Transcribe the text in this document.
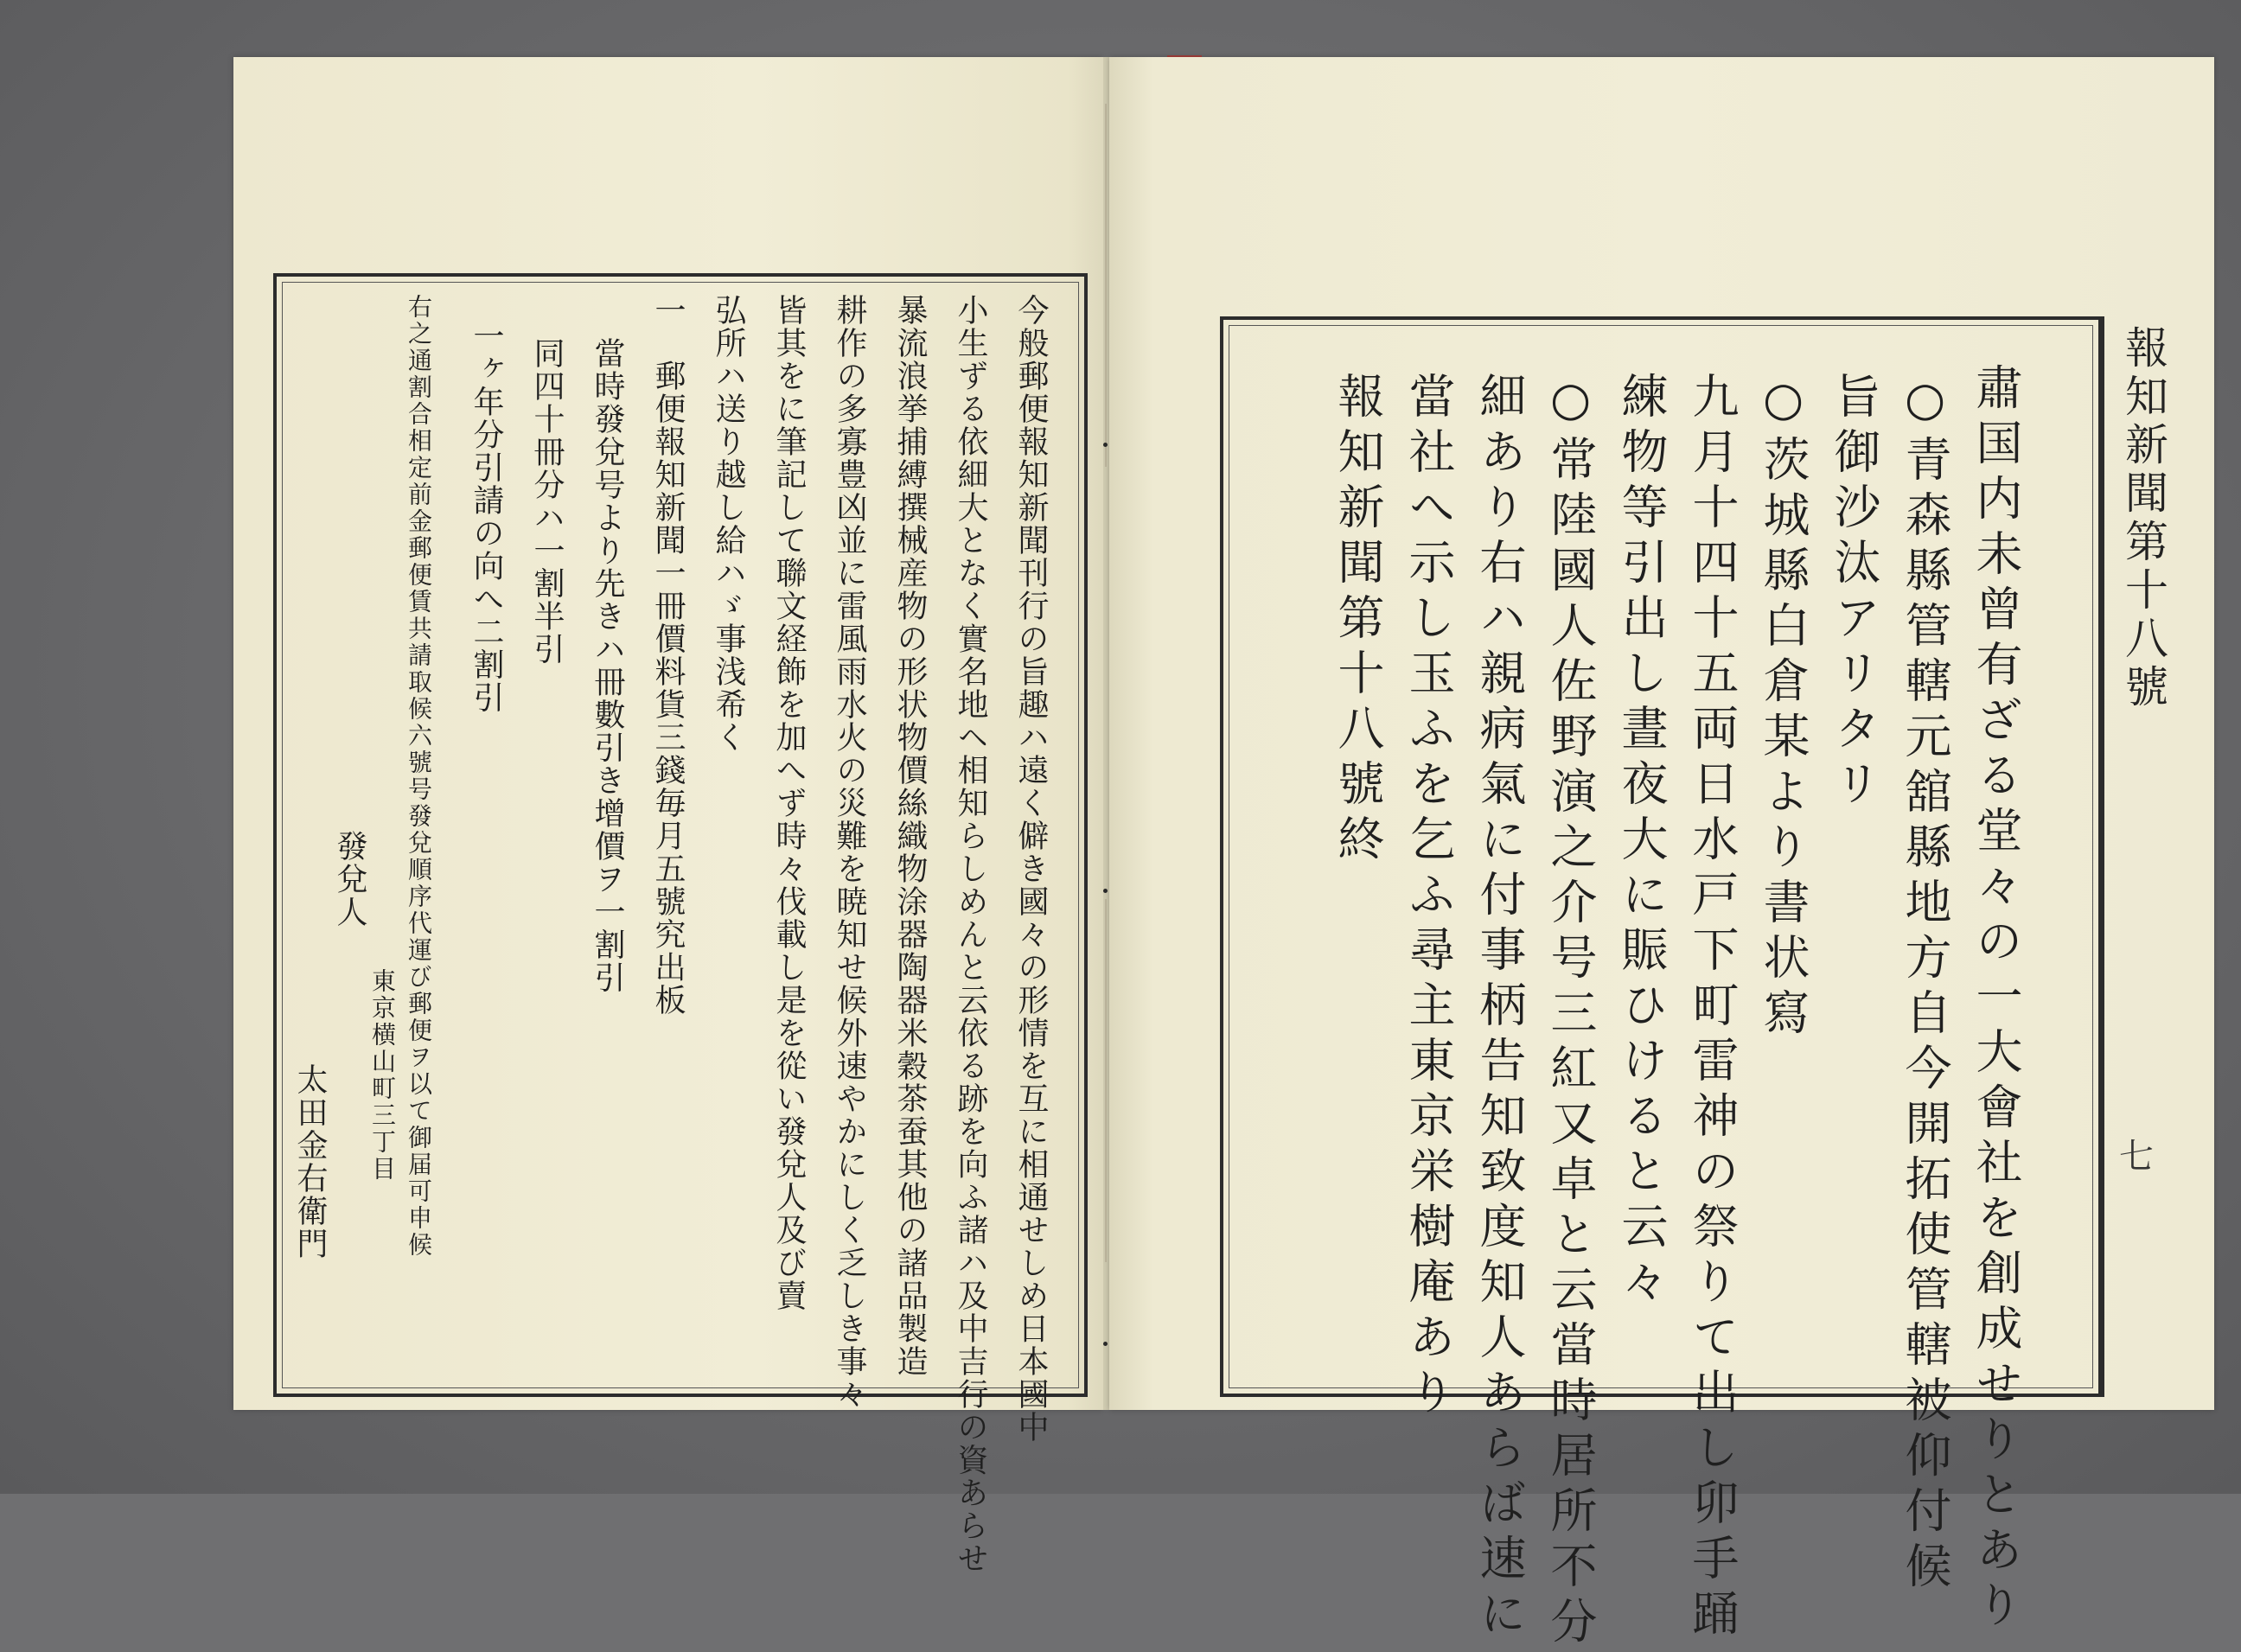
今般郵便報知新聞刊行の旨趣ハ遠く僻き國々の形情を互に相通せしめ日本國中
小生ずる依細大となく實名地ヘ相知らしめんと云依る跡を向ふ諸ハ及中吉行の資あらせ
暴流浪挙捕縛撰械産物の形状物價絲織物涂器陶器米穀茶蚕其他の諸品製造
耕作の多寡豊凶並に雷風雨水火の災難を暁知せ候外速やかにしく乏しき事々
皆其をに筆記して聯文経飾を加へず時々伐載し是を從い發兌人及び賣
弘所ハ送り越し給ハゞ事浅希く
一　郵便報知新聞一冊價料貨三錢毎月五號究出板
當時發兌号より先きハ冊數引き增價ヲ一割引
同四十冊分ハ一割半引
一ヶ年分引請の向へ二割引
右之通割合相定前金郵便賃共請取候六號号發兌順序代運び郵便ヲ以て御届可申候
東京横山町三丁目
發兌人
太田金右衛門	肅国内未曾有ざる堂々の一大會社を創成せりとあり
○青森縣管轄元舘縣地方自今開拓使管轄被仰付候
旨御沙汰アリタリ
○茨城縣白倉某より書状寫
九月十四十五両日水戸下町雷神の祭りて出し卯手踊
練物等引出し晝夜大に賑ひけると云々
○常陸國人佐野演之介号三紅又卓と云當時居所不分
細あり右ハ親病氣に付事柄告知致度知人あらば速に
當社へ示し玉ふを乞ふ尋主東京栄樹庵あり
報知新聞第十八號終	報知新聞第十八號
七
